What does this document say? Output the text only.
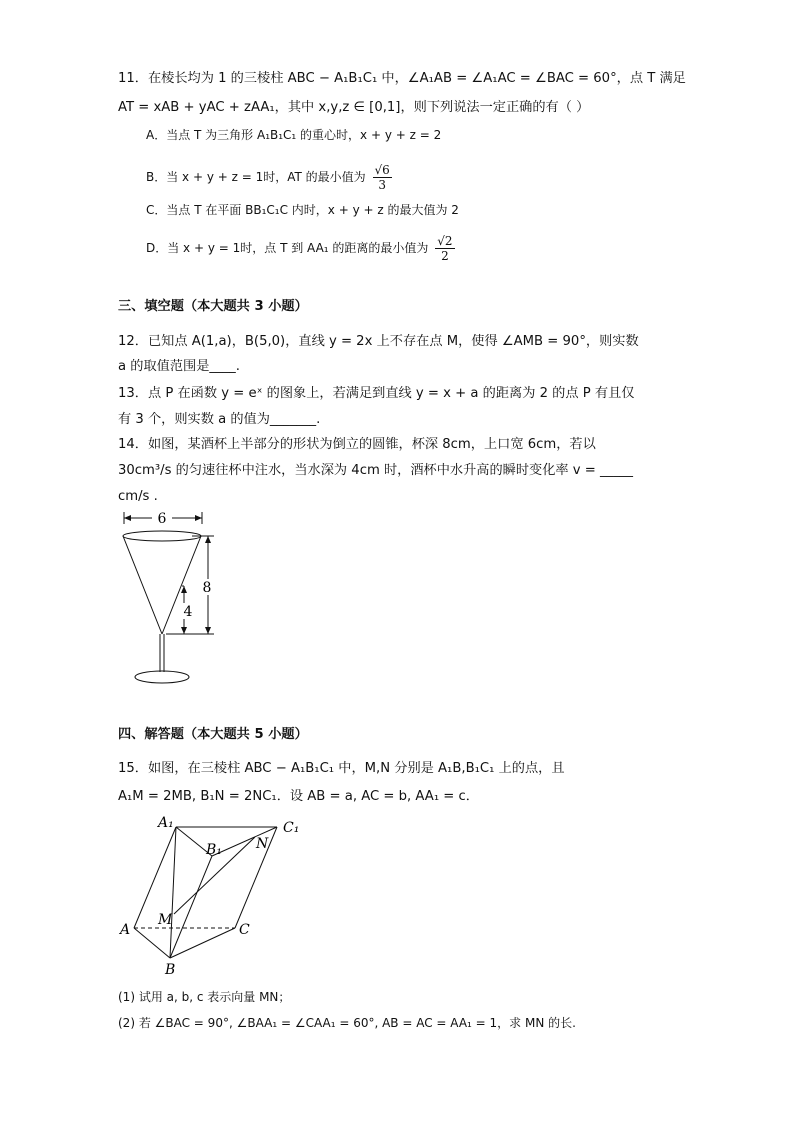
11．在棱长均为 1 的三棱柱 ABC − A₁B₁C₁ 中，∠A₁AB = ∠A₁AC = ∠BAC = 60°，点 T 满足
AT = xAB + yAC + zAA₁，其中 x,y,z ∈ [0,1]，则下列说法一定正确的有（ ）
A．当点 T 为三角形 A₁B₁C₁ 的重心时，x + y + z = 2
B．当 x + y + z = 1时，AT 的最小值为 $\frac{√6}{3}$
C．当点 T 在平面 BB₁C₁C 内时，x + y + z 的最大值为 2
D．当 x + y = 1时，点 T 到 AA₁ 的距离的最小值为 $\frac{√2}{2}$
三、填空题（本大题共 3 小题）
12．已知点 A(1,a)，B(5,0)，直线 y = 2x 上不存在点 M，使得 ∠AMB = 90°，则实数
a 的取值范围是____.
13．点 P 在函数 y = eˣ 的图象上，若满足到直线 y = x + a 的距离为 2 的点 P 有且仅
有 3 个，则实数 a 的值为_______.
14．如图，某酒杯上半部分的形状为倒立的圆锥，杯深 8cm，上口宽 6cm，若以
30cm³/s 的匀速往杯中注水，当水深为 4cm 时，酒杯中水升高的瞬时变化率 v = _____
cm/s .
6
8
4
四、解答题（本大题共 5 小题）
15．如图，在三棱柱 ABC − A₁B₁C₁ 中，M,N 分别是 A₁B,B₁C₁ 上的点，且
A₁M = 2MB, B₁N = 2NC₁．设 AB = a, AC = b, AA₁ = c．
A₁	C₁
B₁ N
M
A	C
B
(1) 试用 a, b, c 表示向量 MN；
(2) 若 ∠BAC = 90°, ∠BAA₁ = ∠CAA₁ = 60°, AB = AC = AA₁ = 1，求 MN 的长.
